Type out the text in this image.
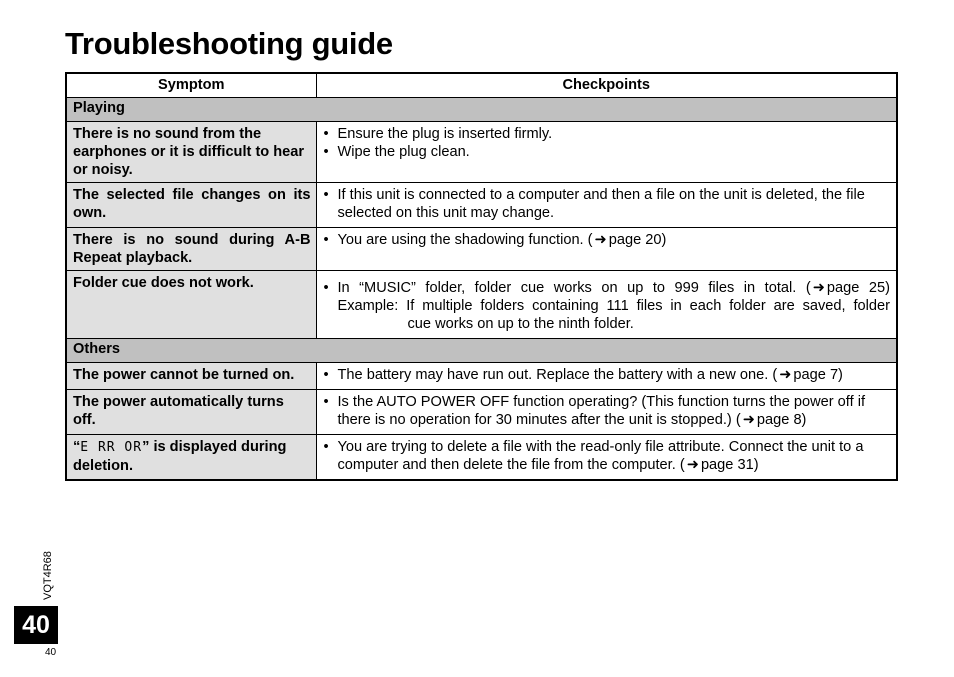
Troubleshooting guide
Symptom	Checkpoints
Playing	
There is no sound from the earphones or it is difficult to hear or noisy.	• Ensure the plug is inserted firmly.
• Wipe the plug clean.

The selected file changes on its own.	• If this unit is connected to a computer and then a file on the unit is deleted, the file selected on this unit may change.

There is no sound during A-B Repeat playback.	• You are using the shadowing function. ( ➜ page 20)

Folder cue does not work.	• In “MUSIC” folder, folder cue works on up to 999 files in total. ( ➜ page 25)
Example: If multiple folders containing 111 files in each folder are saved, folder
cue works on up to the ninth folder.

Others	
The power cannot be turned on.	• The battery may have run out. Replace the battery with a new one. ( ➜ page 7)

The power automatically turns off.	• Is the AUTO POWER OFF function operating? (This function turns the power off if there is no operation for 30 minutes after the unit is stopped.) ( ➜ page 8)

“E RR OR” is displayed during deletion.	• You are trying to delete a file with the read-only file attribute. Connect the unit to a computer and then delete the file from the computer. ( ➜ page 31)
VQT4R68
40
40
